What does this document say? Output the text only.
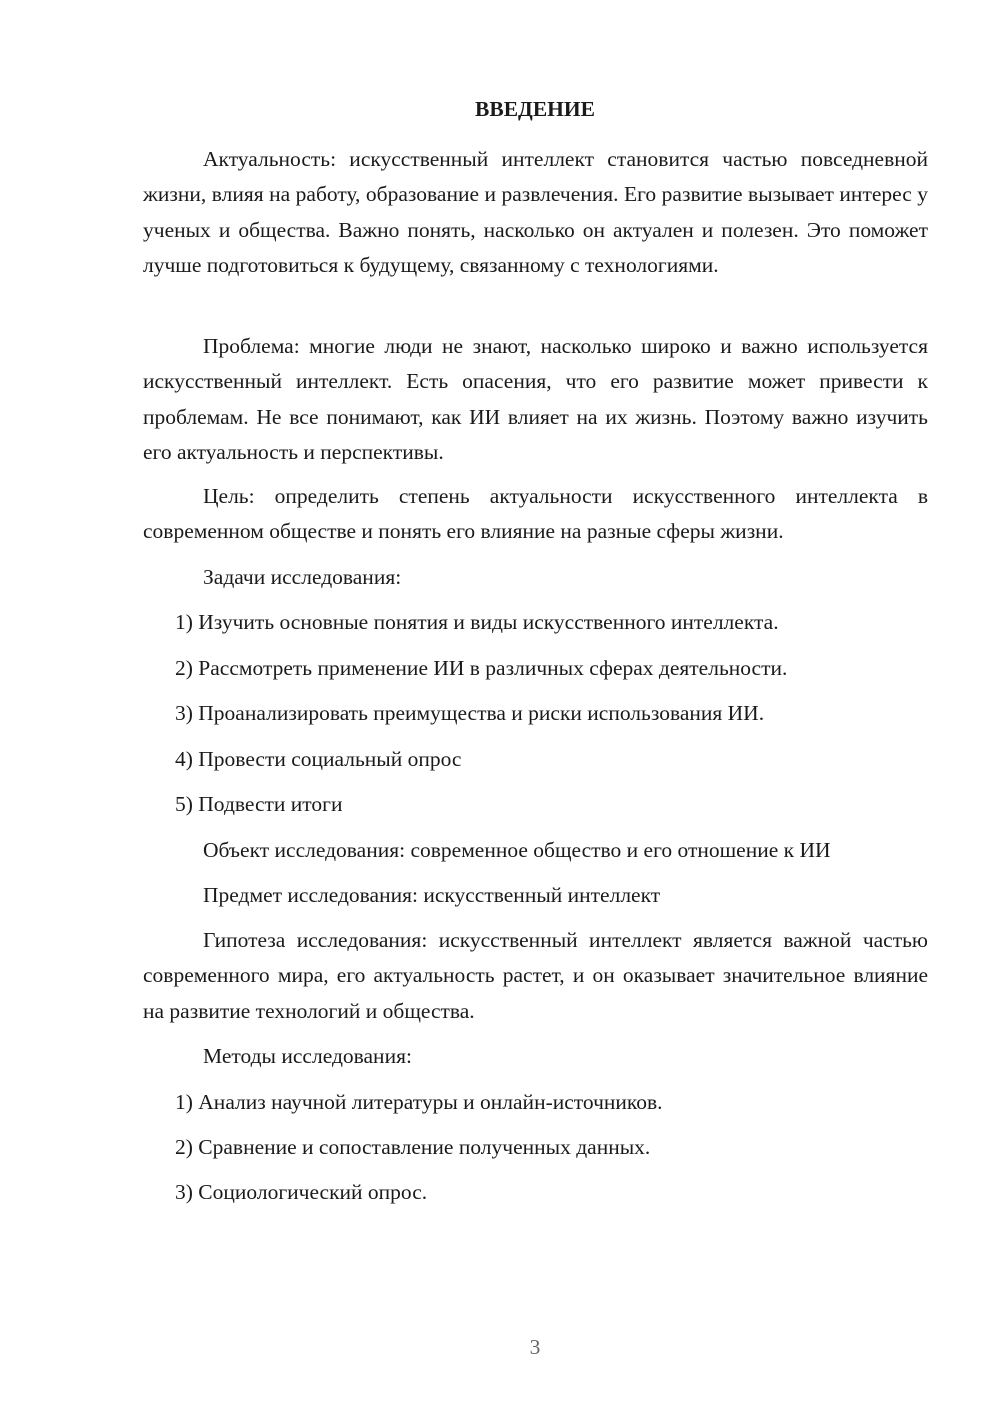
ВВЕДЕНИЕ

Актуальность: искусственный интеллект становится частью повседневной жизни, влияя на работу, образование и развлечения. Его развитие вызывает интерес у ученых и общества. Важно понять, насколько он актуален и полезен. Это поможет лучше подготовиться к будущему, связанному с технологиями.

Проблема: многие люди не знают, насколько широко и важно используется искусственный интеллект. Есть опасения, что его развитие может привести к проблемам. Не все понимают, как ИИ влияет на их жизнь. Поэтому важно изучить его актуальность и перспективы.

Цель: определить степень актуальности искусственного интеллекта в современном обществе и понять его влияние на разные сферы жизни.

Задачи исследования:

1) Изучить основные понятия и виды искусственного интеллекта.

2) Рассмотреть применение ИИ в различных сферах деятельности.

3) Проанализировать преимущества и риски использования ИИ.

4) Провести социальный опрос

5) Подвести итоги

Объект исследования: современное общество и его отношение к ИИ

Предмет исследования: искусственный интеллект

Гипотеза исследования: искусственный интеллект является важной частью современного мира, его актуальность растет, и он оказывает значительное влияние на развитие технологий и общества.

Методы исследования:

1) Анализ научной литературы и онлайн-источников.

2) Сравнение и сопоставление полученных данных.

3) Социологический опрос.

3
